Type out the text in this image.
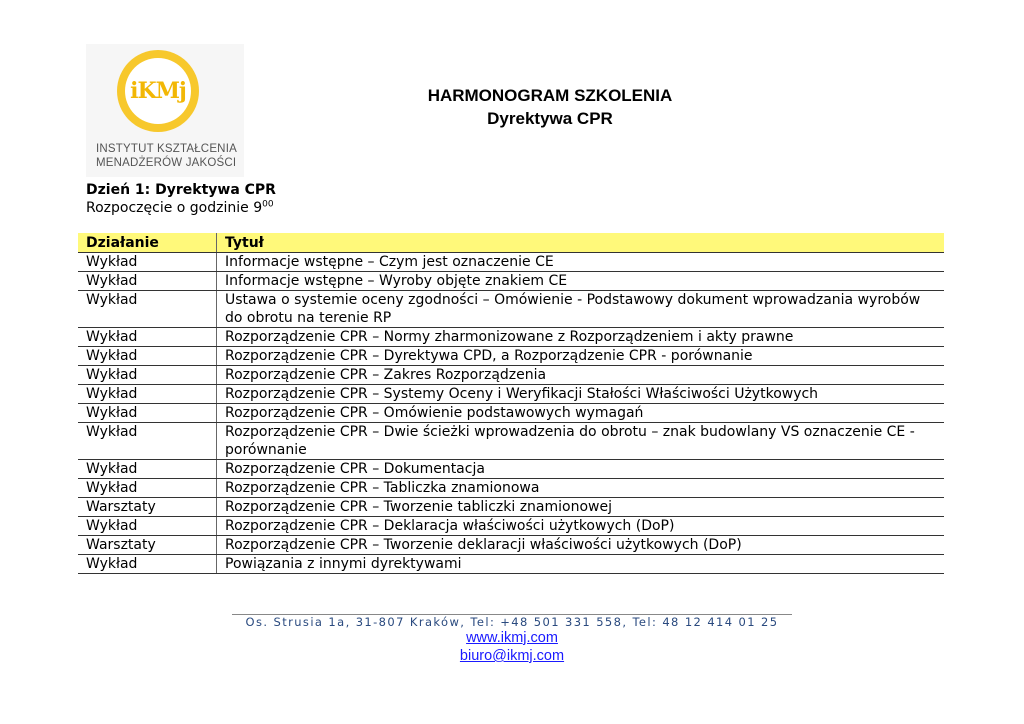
iKMj
INSTYTUT KSZTAŁCENIA
MENADŻERÓW JAKOŚCI
HARMONOGRAM SZKOLENIA
Dyrektywa CPR
Dzień 1: Dyrektywa CPR
Rozpoczęcie o godzinie $9^{00}$
Działanie	Tytuł
Wykład	Informacje wstępne – Czym jest oznaczenie CE
Wykład	Informacje wstępne – Wyroby objęte znakiem CE
Wykład	Ustawa o systemie oceny zgodności – Omówienie - Podstawowy dokument wprowadzania wyrobów do obrotu na terenie RP
Wykład	Rozporządzenie CPR – Normy zharmonizowane z Rozporządzeniem i akty prawne
Wykład	Rozporządzenie CPR – Dyrektywa CPD, a Rozporządzenie CPR - porównanie
Wykład	Rozporządzenie CPR – Zakres Rozporządzenia
Wykład	Rozporządzenie CPR – Systemy Oceny i Weryfikacji Stałości Właściwości Użytkowych
Wykład	Rozporządzenie CPR – Omówienie podstawowych wymagań
Wykład	Rozporządzenie CPR – Dwie ścieżki wprowadzenia do obrotu – znak budowlany VS oznaczenie CE - porównanie
Wykład	Rozporządzenie CPR – Dokumentacja
Wykład	Rozporządzenie CPR – Tabliczka znamionowa
Warsztaty	Rozporządzenie CPR – Tworzenie tabliczki znamionowej
Wykład	Rozporządzenie CPR – Deklaracja właściwości użytkowych (DoP)
Warsztaty	Rozporządzenie CPR – Tworzenie deklaracji właściwości użytkowych (DoP)
Wykład	Powiązania z innymi dyrektywami
Os. Strusia 1a, 31-807 Kraków, Tel: +48 501 331 558, Tel: 48 12 414 01 25
www.ikmj.com
biuro@ikmj.com
